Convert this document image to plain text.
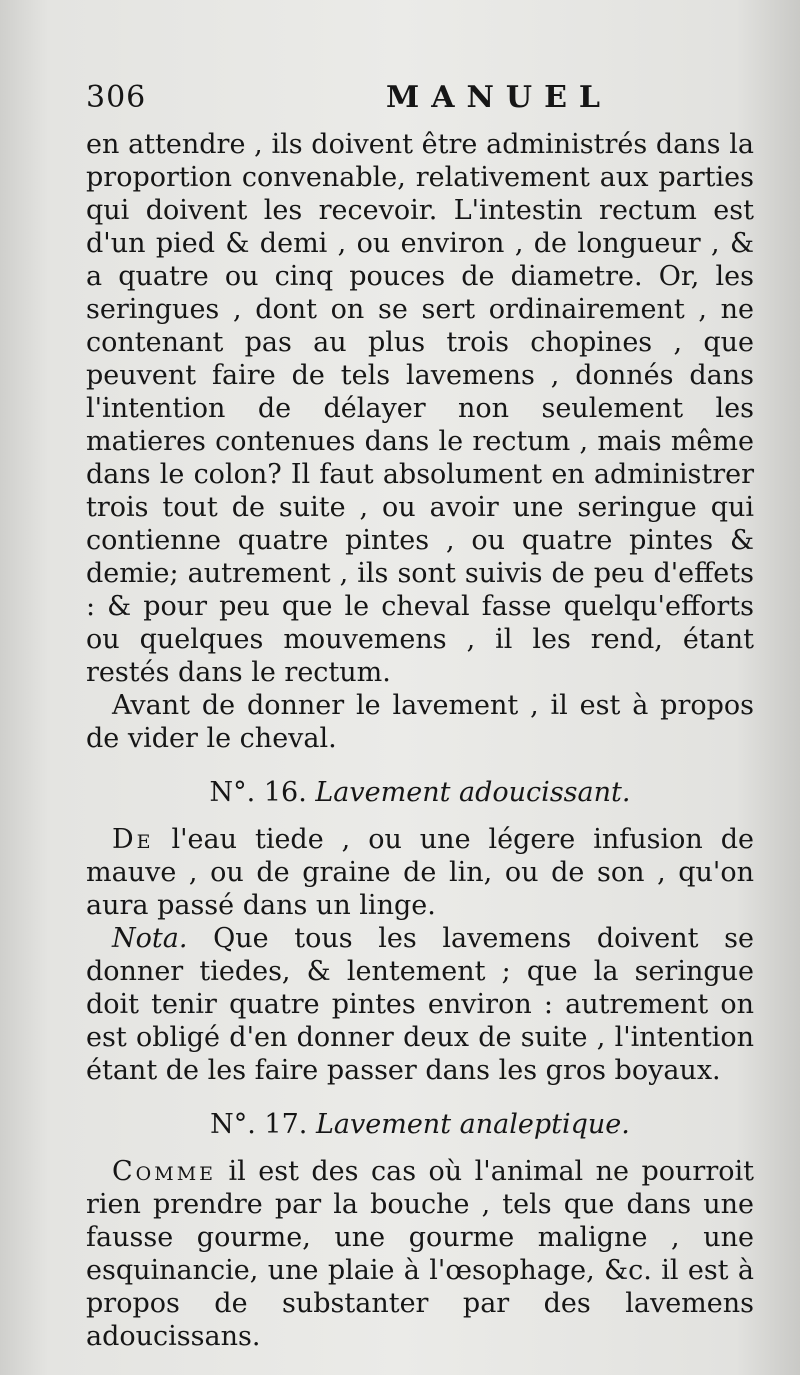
306	MANUEL

en attendre , ils doivent être administrés dans la proportion convenable, relativement aux parties qui doivent les recevoir. L'intestin rectum est d'un pied & demi , ou environ , de longueur , & a quatre ou cinq pouces de diametre. Or, les seringues , dont on se sert ordinairement , ne contenant pas au plus trois chopines , que peuvent faire de tels lavemens , donnés dans l'intention de délayer non seulement les matieres contenues dans le rectum , mais même dans le colon? Il faut absolument en administrer trois tout de suite , ou avoir une seringue qui contienne quatre pintes , ou quatre pintes & demie; autrement , ils sont suivis de peu d'effets : & pour peu que le cheval fasse quelqu'efforts ou quelques mouvemens , il les rend, étant restés dans le rectum.

Avant de donner le lavement , il est à propos de vider le cheval.

N°. 16. Lavement adoucissant.

De l'eau tiede , ou une légere infusion de mauve , ou de graine de lin, ou de son , qu'on aura passé dans un linge.

Nota. Que tous les lavemens doivent se donner tiedes, & lentement ; que la seringue doit tenir quatre pintes environ : autrement on est obligé d'en donner deux de suite , l'intention étant de les faire passer dans les gros boyaux.

N°. 17. Lavement analeptique.

Comme il est des cas où l'animal ne pourroit rien prendre par la bouche , tels que dans une fausse gourme, une gourme maligne , une esquinancie, une plaie à l'œsophage, &c. il est à propos de substanter par des lavemens adoucissans.
